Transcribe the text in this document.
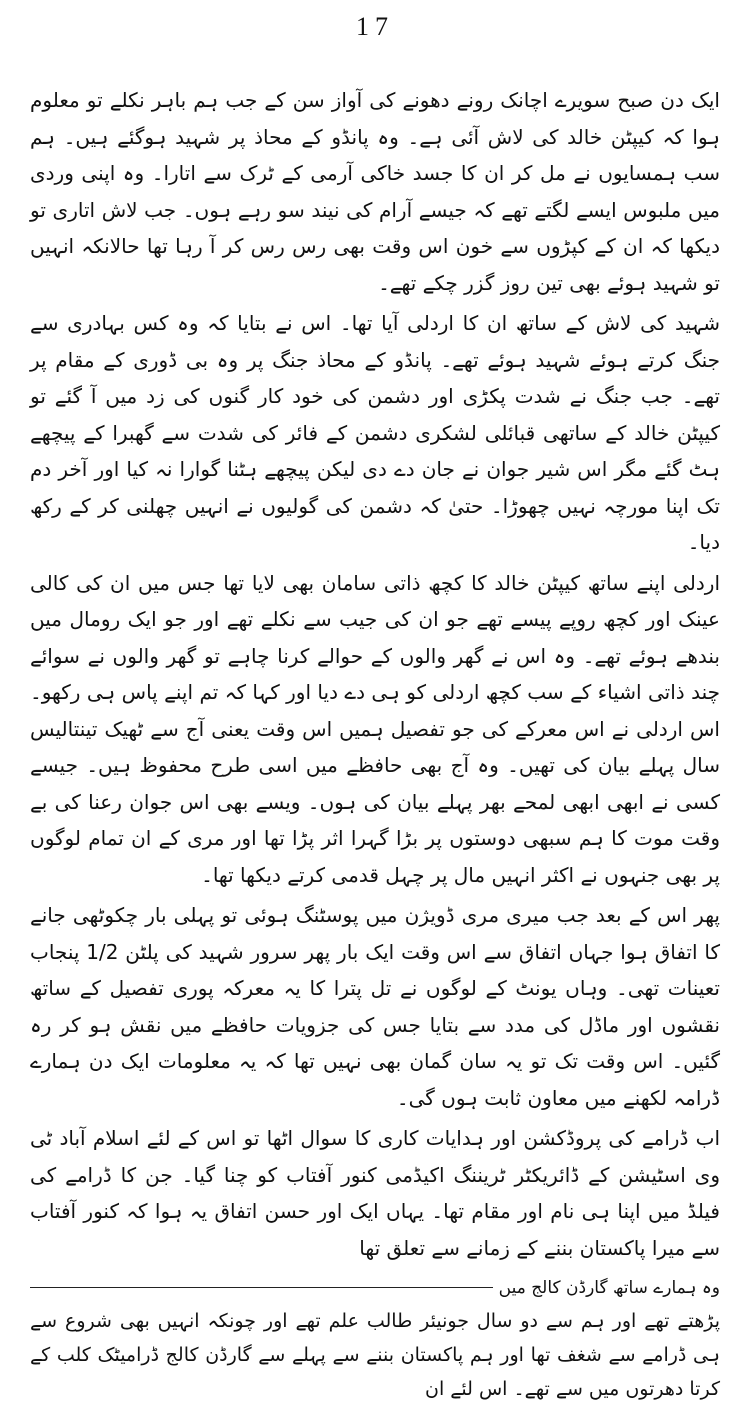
17

ایک دن صبح سویرے اچانک رونے دھونے کی آواز سن کے جب ہم باہر نکلے تو معلوم ہوا کہ کیپٹن خالد کی لاش آئی ہے۔ وہ پانڈو کے محاذ پر شہید ہوگئے ہیں۔ ہم سب ہمسایوں نے مل کر ان کا جسد خاکی آرمی کے ٹرک سے اتارا۔ وہ اپنی وردی میں ملبوس ایسے لگتے تھے کہ جیسے آرام کی نیند سو رہے ہوں۔ جب لاش اتاری تو دیکھا کہ ان کے کپڑوں سے خون اس وقت بھی رس رس کر آ رہا تھا حالانکہ انہیں تو شہید ہوئے بھی تین روز گزر چکے تھے۔

شہید کی لاش کے ساتھ ان کا اردلی آیا تھا۔ اس نے بتایا کہ وہ کس بہادری سے جنگ کرتے ہوئے شہید ہوئے تھے۔ پانڈو کے محاذ جنگ پر وہ بی ڈوری کے مقام پر تھے۔ جب جنگ نے شدت پکڑی اور دشمن کی خود کار گنوں کی زد میں آ گئے تو کیپٹن خالد کے ساتھی قبائلی لشکری دشمن کے فائر کی شدت سے گھبرا کے پیچھے ہٹ گئے مگر اس شیر جوان نے جان دے دی لیکن پیچھے ہٹنا گوارا نہ کیا اور آخر دم تک اپنا مورچہ نہیں چھوڑا۔ حتیٰ کہ دشمن کی گولیوں نے انہیں چھلنی کر کے رکھ دیا۔

اردلی اپنے ساتھ کیپٹن خالد کا کچھ ذاتی سامان بھی لایا تھا جس میں ان کی کالی عینک اور کچھ روپے پیسے تھے جو ان کی جیب سے نکلے تھے اور جو ایک رومال میں بندھے ہوئے تھے۔ وہ اس نے گھر والوں کے حوالے کرنا چاہے تو گھر والوں نے سوائے چند ذاتی اشیاء کے سب کچھ اردلی کو ہی دے دیا اور کہا کہ تم اپنے پاس ہی رکھو۔ اس اردلی نے اس معرکے کی جو تفصیل ہمیں اس وقت یعنی آج سے ٹھیک تینتالیس سال پہلے بیان کی تھیں۔ وہ آج بھی حافظے میں اسی طرح محفوظ ہیں۔ جیسے کسی نے ابھی ابھی لمحے بھر پہلے بیان کی ہوں۔ ویسے بھی اس جوان رعنا کی بے وقت موت کا ہم سبھی دوستوں پر بڑا گہرا اثر پڑا تھا اور مری کے ان تمام لوگوں پر بھی جنہوں نے اکثر انہیں مال پر چہل قدمی کرتے دیکھا تھا۔

پھر اس کے بعد جب میری مری ڈویژن میں پوسٹنگ ہوئی تو پہلی بار چکوٹھی جانے کا اتفاق ہوا جہاں اتفاق سے اس وقت ایک بار پھر سرور شہید کی پلٹن 1/2 پنجاب تعینات تھی۔ وہاں یونٹ کے لوگوں نے تل پترا کا یہ معرکہ پوری تفصیل کے ساتھ نقشوں اور ماڈل کی مدد سے بتایا جس کی جزویات حافظے میں نقش ہو کر رہ گئیں۔ اس وقت تک تو یہ سان گمان بھی نہیں تھا کہ یہ معلومات ایک دن ہمارے ڈرامہ لکھنے میں معاون ثابت ہوں گی۔

اب ڈرامے کی پروڈکشن اور ہدایات کاری کا سوال اٹھا تو اس کے لئے اسلام آباد ٹی وی اسٹیشن کے ڈائریکٹر ٹریننگ اکیڈمی کنور آفتاب کو چنا گیا۔ جن کا ڈرامے کی فیلڈ میں اپنا ہی نام اور مقام تھا۔ یہاں ایک اور حسن اتفاق یہ ہوا کہ کنور آفتاب سے میرا پاکستان بننے کے زمانے سے تعلق تھا

وہ ہمارے ساتھ گارڈن کالج میں

پڑھتے تھے اور ہم سے دو سال جونیئر طالب علم تھے اور چونکہ انہیں بھی شروع سے ہی ڈرامے سے شغف تھا اور ہم پاکستان بننے سے پہلے سے گارڈن کالج ڈرامیٹک کلب کے کرتا دھرتوں میں سے تھے۔ اس لئے ان
